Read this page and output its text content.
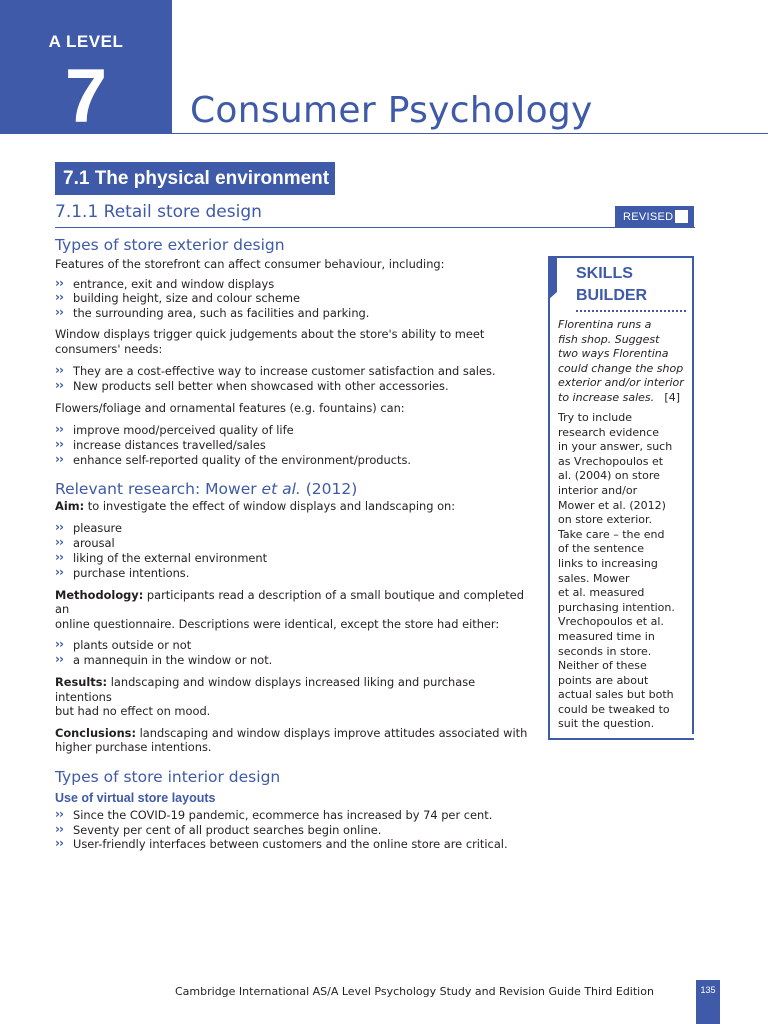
A LEVEL
7	Consumer Psychology
7.1 The physical environment
7.1.1 Retail store design	REVISED
Types of store exterior design
Features of the storefront can affect consumer behaviour, including:
›› entrance, exit and window displays
›› building height, size and colour scheme
›› the surrounding area, such as facilities and parking.
Window displays trigger quick judgements about the store's ability to meet
consumers' needs:
›› They are a cost-effective way to increase customer satisfaction and sales.
›› New products sell better when showcased with other accessories.
Flowers/foliage and ornamental features (e.g. fountains) can:
›› improve mood/perceived quality of life
›› increase distances travelled/sales
›› enhance self-reported quality of the environment/products.
Relevant research: Mower et al. (2012)
Aim: to investigate the effect of window displays and landscaping on:
›› pleasure
›› arousal
›› liking of the external environment
›› purchase intentions.
Methodology: participants read a description of a small boutique and completed an
online questionnaire. Descriptions were identical, except the store had either:
›› plants outside or not
›› a mannequin in the window or not.
Results: landscaping and window displays increased liking and purchase intentions
but had no effect on mood.
Conclusions: landscaping and window displays improve attitudes associated with
higher purchase intentions.
Types of store interior design
Use of virtual store layouts
›› Since the COVID-19 pandemic, ecommerce has increased by 74 per cent.
›› Seventy per cent of all product searches begin online.
›› User-friendly interfaces between customers and the online store are critical.
SKILLS
BUILDER
Florentina runs a
fish shop. Suggest
two ways Florentina
could change the shop
exterior and/or interior
to increase sales. [4]
Try to include
research evidence
in your answer, such
as Vrechopoulos et
al. (2004) on store
interior and/or
Mower et al. (2012)
on store exterior.
Take care – the end
of the sentence
links to increasing
sales. Mower
et al. measured
purchasing intention.
Vrechopoulos et al.
measured time in
seconds in store.
Neither of these
points are about
actual sales but both
could be tweaked to
suit the question.
Cambridge International AS/A Level Psychology Study and Revision Guide Third Edition	135
